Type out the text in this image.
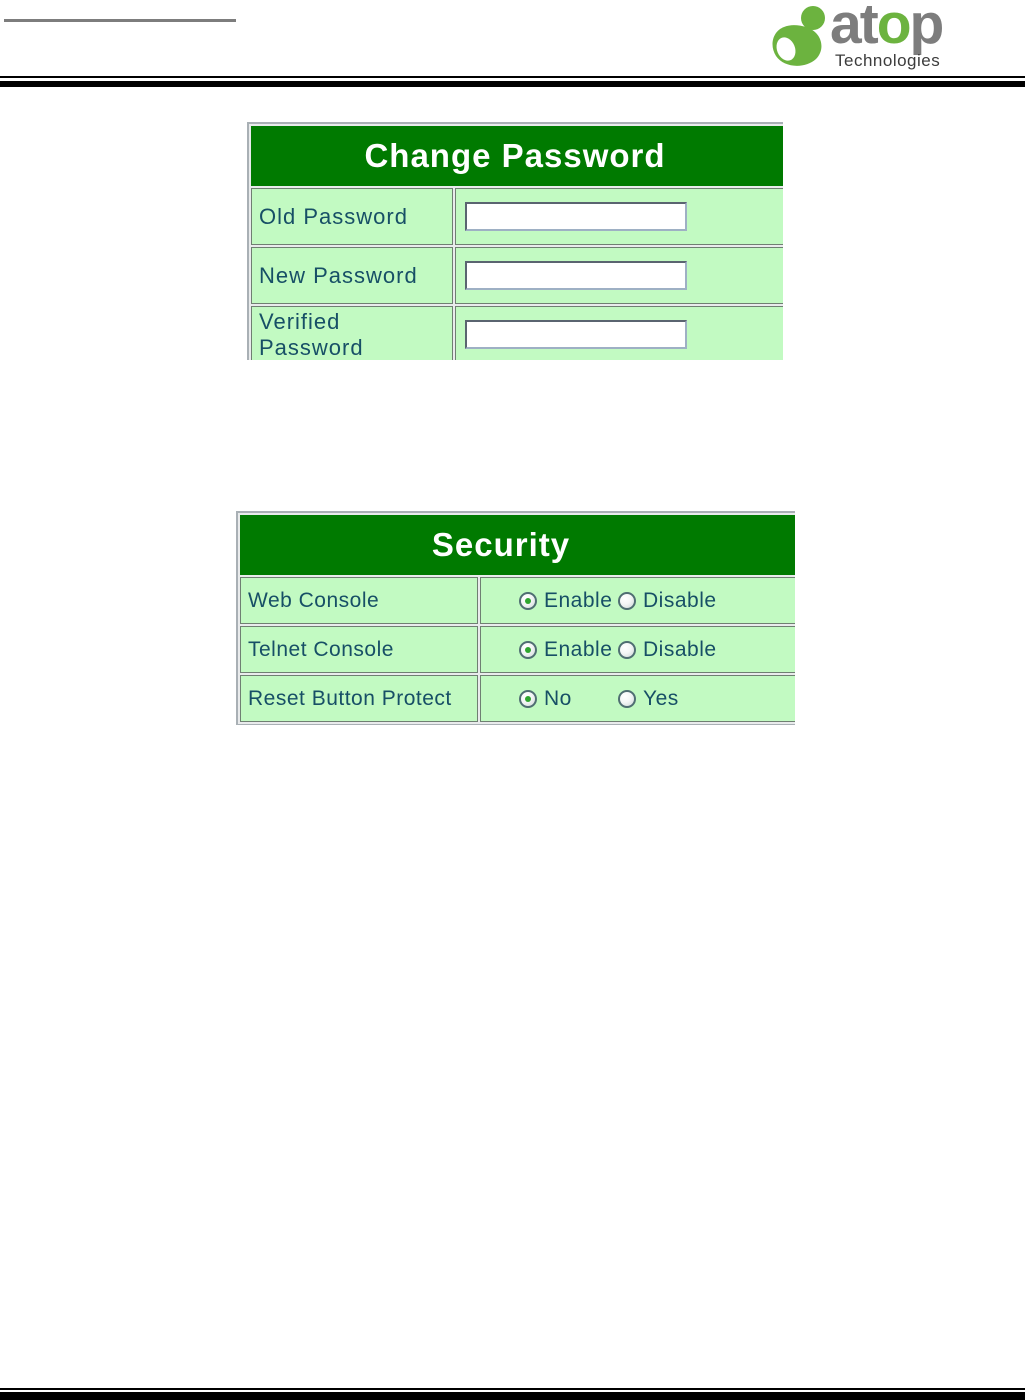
atop
Technologies
Change Password
Old Password
New Password
Verified Password
Security
Web Console	Enable Disable
Telnet Console	Enable Disable
Reset Button Protect	No	Yes
